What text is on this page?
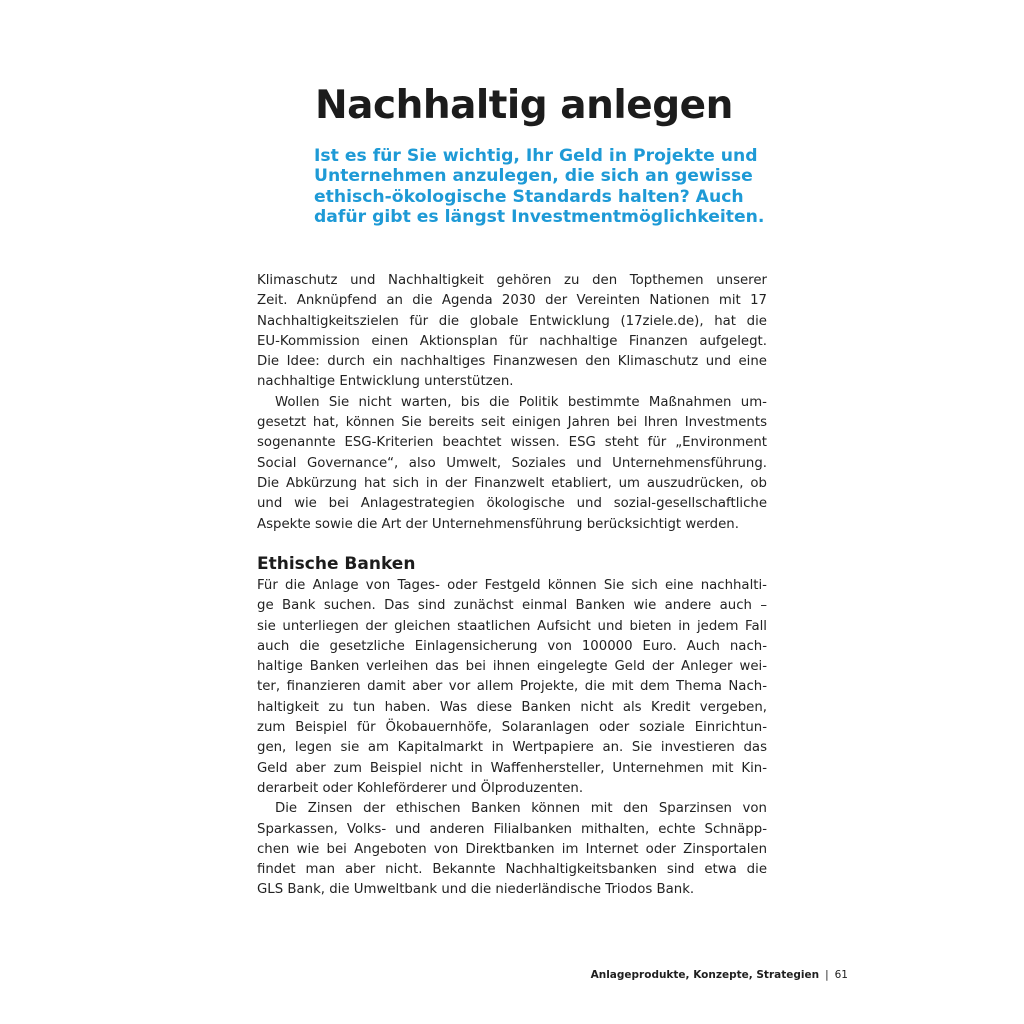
Nachhaltig anlegen

Ist es für Sie wichtig, Ihr Geld in Projekte und
Unternehmen anzulegen, die sich an gewisse
ethisch-ökologische Standards halten? Auch
dafür gibt es längst Investmentmöglichkeiten.

Klimaschutz und Nachhaltigkeit gehören zu den Topthemen unserer
Zeit. Anknüpfend an die Agenda 2030 der Vereinten Nationen mit 17
Nachhaltigkeitszielen für die globale Entwicklung (17ziele.de), hat die
EU-Kommission einen Aktionsplan für nachhaltige Finanzen aufgelegt.
Die Idee: durch ein nachhaltiges Finanzwesen den Klimaschutz und eine
nachhaltige Entwicklung unterstützen.
Wollen Sie nicht warten, bis die Politik bestimmte Maßnahmen um-
gesetzt hat, können Sie bereits seit einigen Jahren bei Ihren Investments
sogenannte ESG-Kriterien beachtet wissen. ESG steht für „Environment
Social Governance“, also Umwelt, Soziales und Unternehmensführung.
Die Abkürzung hat sich in der Finanzwelt etabliert, um auszudrücken, ob
und wie bei Anlagestrategien ökologische und sozial-gesellschaftliche
Aspekte sowie die Art der Unternehmensführung berücksichtigt werden.
Ethische Banken
Für die Anlage von Tages- oder Festgeld können Sie sich eine nachhalti-
ge Bank suchen. Das sind zunächst einmal Banken wie andere auch –
sie unterliegen der gleichen staatlichen Aufsicht und bieten in jedem Fall
auch die gesetzliche Einlagensicherung von 100000 Euro. Auch nach-
haltige Banken verleihen das bei ihnen eingelegte Geld der Anleger wei-
ter, finanzieren damit aber vor allem Projekte, die mit dem Thema Nach-
haltigkeit zu tun haben. Was diese Banken nicht als Kredit vergeben,
zum Beispiel für Ökobauernhöfe, Solaranlagen oder soziale Einrichtun-
gen, legen sie am Kapitalmarkt in Wertpapiere an. Sie investieren das
Geld aber zum Beispiel nicht in Waffenhersteller, Unternehmen mit Kin-
derarbeit oder Kohleförderer und Ölproduzenten.
Die Zinsen der ethischen Banken können mit den Sparzinsen von
Sparkassen, Volks- und anderen Filialbanken mithalten, echte Schnäpp-
chen wie bei Angeboten von Direktbanken im Internet oder Zinsportalen
findet man aber nicht. Bekannte Nachhaltigkeitsbanken sind etwa die
GLS Bank, die Umweltbank und die niederländische Triodos Bank.
Anlageprodukte, Konzepte, Strategien | 61
